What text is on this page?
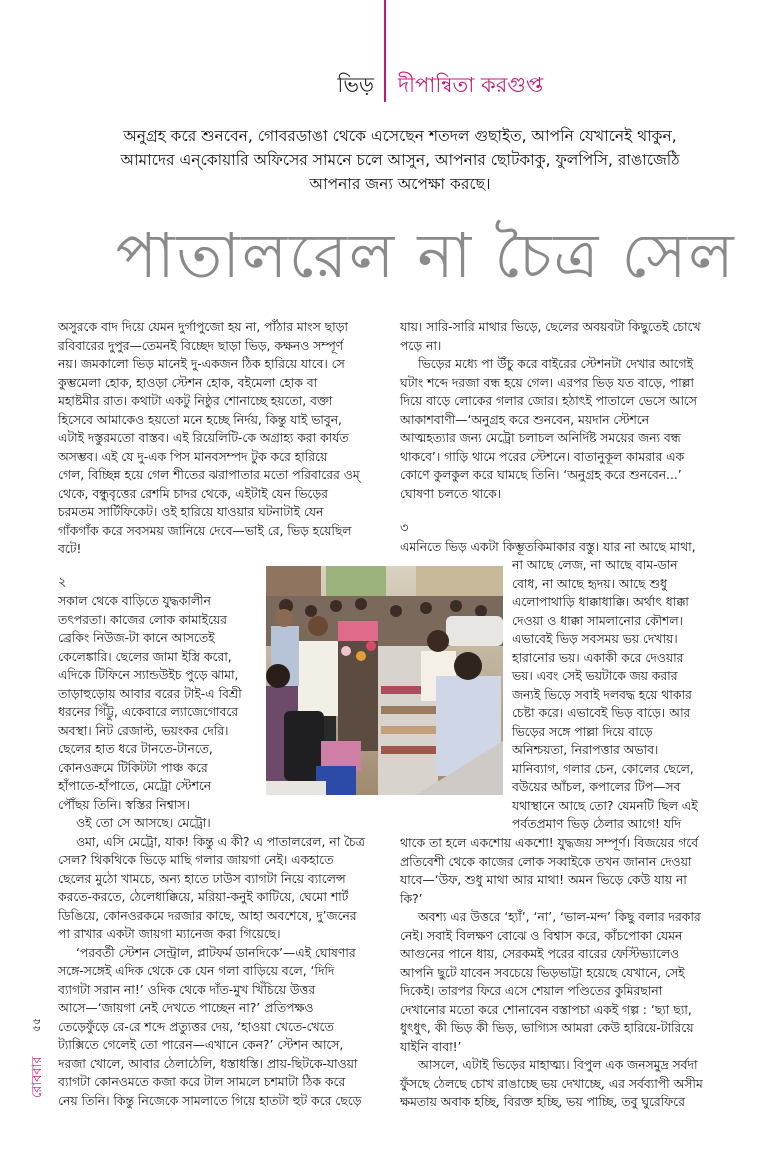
ভিড় দীপান্বিতা করগুপ্ত
অনুগ্রহ করে শুনবেন, গোবরডাঙা থেকে এসেছেন শতদল গুছাইত, আপনি যেখানেই থাকুন,
আমাদের এন্‌কোয়ারি অফিসের সামনে চলে আসুন, আপনার ছোটকাকু, ফুলপিসি, রাঙাজেঠি
আপনার জন্য অপেক্ষা করছে।
পাতালরেল না চৈত্র সেল
অসুরকে বাদ দিয়ে যেমন দুর্গাপুজো হয় না, পাঁঠার মাংস ছাড়া
রবিবারের দুপুর—তেমনই বিচ্ছেদ ছাড়া ভিড়, কক্ষনও সম্পূর্ণ
নয়। জমকালো ভিড় মানেই দু-একজন ঠিক হারিয়ে যাবে। সে
কুম্ভমেলা হোক, হাওড়া স্টেশন হোক, বইমেলা হোক বা
মহাষ্টমীর রাত। কথাটা একটু নিষ্ঠুর শোনাচ্ছে হয়তো, বক্তা
হিসেবে আমাকেও হয়তো মনে হচ্ছে নির্দয়, কিন্তু যাই ভাবুন,
এটাই দস্তুরমতো বাস্তব। এই রিয়েলিটি-কে অগ্রাহ্য করা কার্যত
অসম্ভব। এই যে দু-এক পিস মানবসম্পদ টুক করে হারিয়ে
গেল, বিচ্ছিন্ন হয়ে গেল শীতের ঝরাপাতার মতো পরিবারের ওম্‌
থেকে, বন্ধুবৃত্তের রেশমি চাদর থেকে, এইটাই যেন ভিড়ের
চরমতম সার্টিফিকেট। ওই হারিয়ে যাওয়ার ঘটনাটাই যেন
গাঁকগাঁক করে সবসময় জানিয়ে দেবে—ভাই রে, ভিড় হয়েছিল
বটে!
২
সকাল থেকে বাড়িতে যুদ্ধকালীন
তৎপরতা। কাজের লোক কামাইয়ের
ব্রেকিং নিউজ-টা কানে আসতেই
কেলেঙ্কারি। ছেলের জামা ইস্ত্রি করো,
এদিকে টিফিনে স্যান্ডউইচ পুড়ে ঝামা,
তাড়াহুড়োয় আবার বরের টাই-এ বিশ্রী
ধরনের গিঁট্টু, একেবারে ল্যাজেগোবরে
অবস্থা। নিট রেজাল্ট, ভয়ংকর দেরি।
ছেলের হাত ধরে টানতে-টানতে,
কোনওক্রমে টিকিটটা পাঞ্চ করে
হাঁপাতে-হাঁপাতে, মেট্রো স্টেশনে
পৌঁছয় তিনি। স্বস্তির নিশ্বাস।
ওই তো সে আসছে। মেট্রো।
ওমা, এসি মেট্রো, যাক! কিন্তু এ কী? এ পাতালরেল, না চৈত্র
সেল? থিকথিকে ভিড়ে মাছি গলার জায়গা নেই। একহাতে
ছেলের মুঠো খামচে, অন্য হাতে ঢাউস ব্যাগটা নিয়ে ব্যালেন্স
করতে-করতে, ঠেলেধাক্কিয়ে, মরিয়া-কনুই কাটিয়ে, ঘেমো শার্ট
ডিঙিয়ে, কোনওরকমে দরজার কাছে, আহা অবশেষে, দু’জনের
পা রাখার একটা জায়গা ম্যানেজ করা গিয়েছে।
‘পরবর্তী স্টেশন সেন্ট্রাল, প্লাটফর্ম ডানদিকে’—এই ঘোষণার
সঙ্গে-সঙ্গেই এদিক থেকে কে যেন গলা বাড়িয়ে বলে, ‘দিদি
ব্যাগটা সরান না!’ ওদিক থেকে দাঁত-মুখ খিঁচিয়ে উত্তর
আসে—‘জায়গা নেই দেখতে পাচ্ছেন না?’ প্রতিপক্ষও
তেড়েফুঁড়ে রে-রে শব্দে প্রত্যুত্তর দেয়, ‘হাওয়া খেতে-খেতে
ট্যাক্সিতে গেলেই তো পারেন—এখানে কেন?’ স্টেশন আসে,
দরজা খোলে, আবার ঠেলাঠেলি, ধস্তাধস্তি। প্রায়-ছিটকে-যাওয়া
ব্যাগটা কোনওমতে কজা করে টাল সামলে চশমাটা ঠিক করে
নেয় তিনি। কিন্তু নিজেকে সামলাতে গিয়ে হাতটা হুট করে ছেড়ে
যায়। সারি-সারি মাথার ভিড়ে, ছেলের অবয়বটা কিছুতেই চোখে
পড়ে না।
ভিড়ের মধ্যে পা উঁচু করে বাইরের স্টেশনটা দেখার আগেই
ঘটাং শব্দে দরজা বন্ধ হয়ে গেল। এরপর ভিড় যত বাড়ে, পাল্লা
দিয়ে বাড়ে লোকের গলার জোর। হঠাৎই পাতালে ভেসে আসে
আকাশবাণী—‘অনুগ্রহ করে শুনবেন, ময়দান স্টেশনে
আত্মহত্যার জন্য মেট্রো চলাচল অনির্দিষ্ট সময়ের জন্য বন্ধ
থাকবে’। গাড়ি থামে পরের স্টেশনে। বাতানুকূল কামরার এক
কোণে কুলকুল করে ঘামছে তিনি। ‘অনুগ্রহ করে শুনবেন...’
ঘোষণা চলতে থাকে।
৩
এমনিতে ভিড় একটা কিম্ভূতকিমাকার বস্তু। যার না আছে মাথা,
না আছে লেজ, না আছে বাম-ডান
বোধ, না আছে হৃদয়। আছে শুধু
এলোপাথাড়ি ধাক্কাধাক্কি। অর্থাৎ ধাক্কা
দেওয়া ও ধাক্কা সামলানোর কৌশল।
এভাবেই ভিড় সবসময় ভয় দেখায়।
হারানোর ভয়। একাকী করে দেওয়ার
ভয়। এবং সেই ভয়টাকে জয় করার
জন্যই ভিড়ে সবাই দলবদ্ধ হয়ে থাকার
চেষ্টা করে। এভাবেই ভিড় বাড়ে। আর
ভিড়ের সঙ্গে পাল্লা দিয়ে বাড়ে
অনিশ্চয়তা, নিরাপত্তার অভাব।
মানিব্যাগ, গলার চেন, কোলের ছেলে,
বউয়ের আঁচল, কপালের টিপ—সব
যথাস্থানে আছে তো? যেমনটি ছিল এই
পর্বতপ্রমাণ ভিড় ঠেলার আগে! যদি
থাকে তা হলে একশোয় একশো! যুদ্ধজয় সম্পূর্ণ। বিজয়ের গর্বে
প্রতিবেশী থেকে কাজের লোক সব্বাইকে তখন জানান দেওয়া
যাবে—‘উফ, শুধু মাথা আর মাথা! অমন ভিড়ে কেউ যায় না
কি?’
অবশ্য এর উত্তরে ‘হ্যাঁ’, ‘না’, ‘ভাল-মন্দ’ কিছু বলার দরকার
নেই। সবাই বিলক্ষণ বোঝে ও বিশ্বাস করে, কাঁচপোকা যেমন
আগুনের পানে ধায়, সেরকমই পরের বারের ফেস্টিভ্যালেও
আপনি ছুটে যাবেন সবচেয়ে ভিড়ভাট্টা হয়েছে যেখানে, সেই
দিকেই। তারপর ফিরে এসে শেয়াল পণ্ডিতের কুমিরছানা
দেখানোর মতো করে শোনাবেন বস্তাপচা একই গল্প : ‘ছ্যা ছ্যা,
ধুৎধুৎ, কী ভিড় কী ভিড়, ভাগ্যিস আমরা কেউ হারিয়ে-টারিয়ে
যাইনি বাবা!’
আসলে, এটাই ভিড়ের মাহাত্ম্য। বিপুল এক জনসমুদ্র সর্বদা
ফুঁসছে ঠেলছে চোখ রাঙাচ্ছে ভয় দেখাচ্ছে, এর সর্বব্যাপী অসীম
ক্ষমতায় অবাক হচ্ছি, বিরক্ত হচ্ছি, ভয় পাচ্ছি, তবু ঘুরেফিরে
৫৫
রোববার
